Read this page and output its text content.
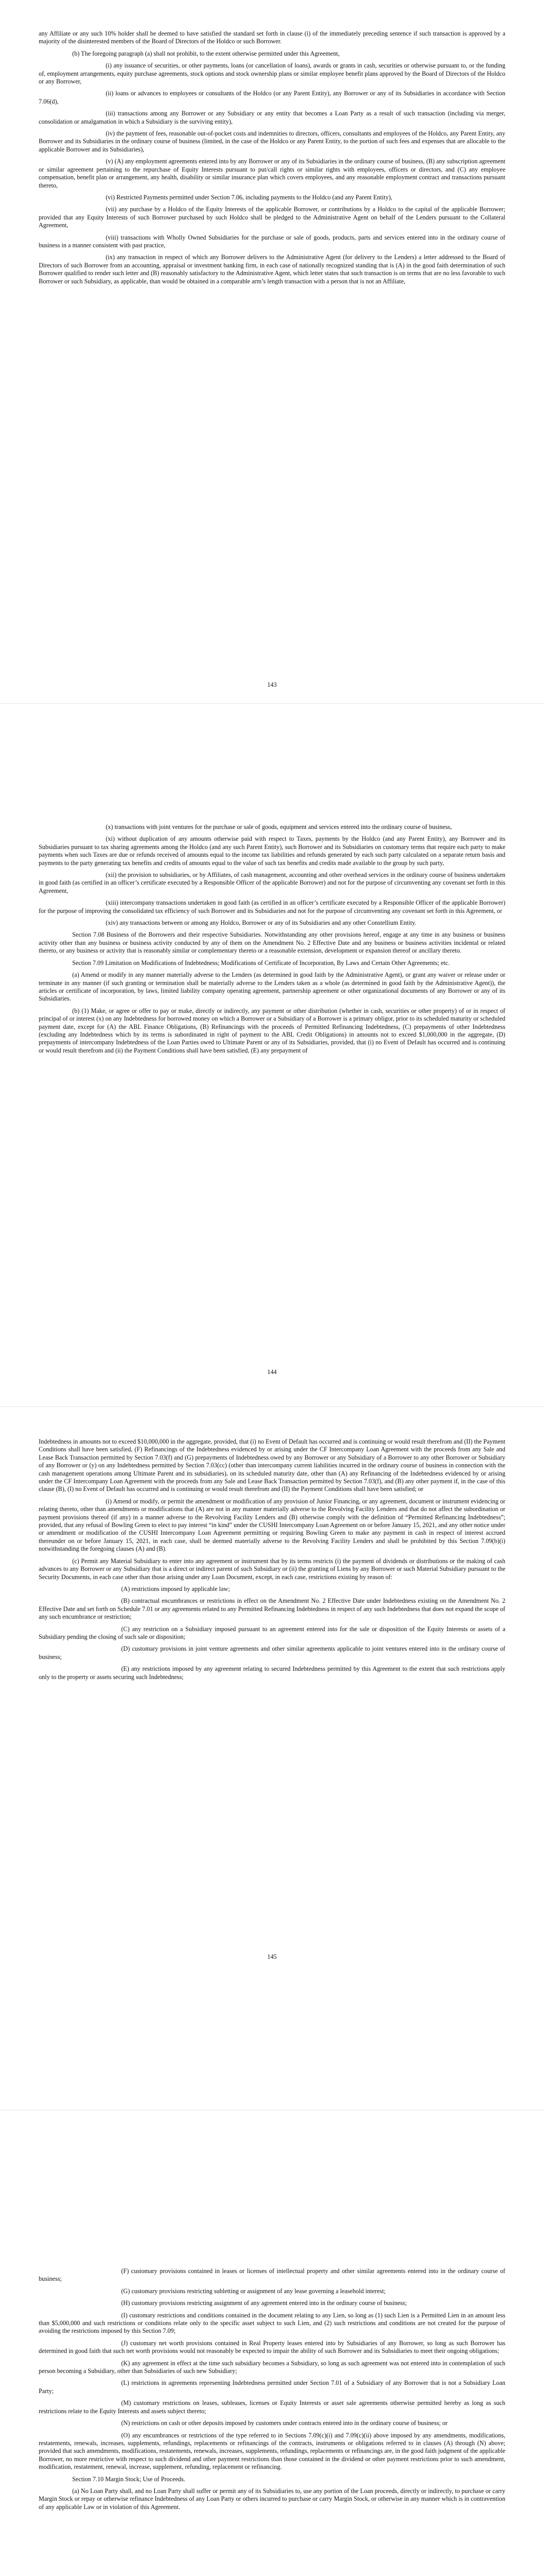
any Affiliate or any such 10% holder shall be deemed to have satisfied the standard set forth in clause (i) of the immediately preceding sentence if such transaction is approved by a majority of the disinterested members of the Board of Directors of the Holdco or such Borrower.

(b) The foregoing paragraph (a) shall not prohibit, to the extent otherwise permitted under this Agreement,

(i) any issuance of securities, or other payments, loans (or cancellation of loans), awards or grants in cash, securities or otherwise pursuant to, or the funding of, employment arrangements, equity purchase agreements, stock options and stock ownership plans or similar employee benefit plans approved by the Board of Directors of the Holdco or any Borrower,

(ii) loans or advances to employees or consultants of the Holdco (or any Parent Entity), any Borrower or any of its Subsidiaries in accordance with Section 7.06(d),

(iii) transactions among any Borrower or any Subsidiary or any entity that becomes a Loan Party as a result of such transaction (including via merger, consolidation or amalgamation in which a Subsidiary is the surviving entity),

(iv) the payment of fees, reasonable out-of-pocket costs and indemnities to directors, officers, consultants and employees of the Holdco, any Parent Entity, any Borrower and its Subsidiaries in the ordinary course of business (limited, in the case of the Holdco or any Parent Entity, to the portion of such fees and expenses that are allocable to the applicable Borrower and its Subsidiaries),

(v) (A) any employment agreements entered into by any Borrower or any of its Subsidiaries in the ordinary course of business, (B) any subscription agreement or similar agreement pertaining to the repurchase of Equity Interests pursuant to put/call rights or similar rights with employees, officers or directors, and (C) any employee compensation, benefit plan or arrangement, any health, disability or similar insurance plan which covers employees, and any reasonable employment contract and transactions pursuant thereto,

(vi) Restricted Payments permitted under Section 7.06, including payments to the Holdco (and any Parent Entity),

(vii) any purchase by a Holdco of the Equity Interests of the applicable Borrower, or contributions by a Holdco to the capital of the applicable Borrower; provided that any Equity Interests of such Borrower purchased by such Holdco shall be pledged to the Administrative Agent on behalf of the Lenders pursuant to the Collateral Agreement,

(viii) transactions with Wholly Owned Subsidiaries for the purchase or sale of goods, products, parts and services entered into in the ordinary course of business in a manner consistent with past practice,

(ix) any transaction in respect of which any Borrower delivers to the Administrative Agent (for delivery to the Lenders) a letter addressed to the Board of Directors of such Borrower from an accounting, appraisal or investment banking firm, in each case of nationally recognized standing that is (A) in the good faith determination of such Borrower qualified to render such letter and (B) reasonably satisfactory to the Administrative Agent, which letter states that such transaction is on terms that are no less favorable to such Borrower or such Subsidiary, as applicable, than would be obtained in a comparable arm’s length transaction with a person that is not an Affiliate,

143

(x) transactions with joint ventures for the purchase or sale of goods, equipment and services entered into the ordinary course of business,

(xi) without duplication of any amounts otherwise paid with respect to Taxes, payments by the Holdco (and any Parent Entity), any Borrower and its Subsidiaries pursuant to tax sharing agreements among the Holdco (and any such Parent Entity), such Borrower and its Subsidiaries on customary terms that require each party to make payments when such Taxes are due or refunds received of amounts equal to the income tax liabilities and refunds generated by each such party calculated on a separate return basis and payments to the party generating tax benefits and credits of amounts equal to the value of such tax benefits and credits made available to the group by such party,

(xii) the provision to subsidiaries, or by Affiliates, of cash management, accounting and other overhead services in the ordinary course of business undertaken in good faith (as certified in an officer’s certificate executed by a Responsible Officer of the applicable Borrower) and not for the purpose of circumventing any covenant set forth in this Agreement,

(xiii) intercompany transactions undertaken in good faith (as certified in an officer’s certificate executed by a Responsible Officer of the applicable Borrower) for the purpose of improving the consolidated tax efficiency of such Borrower and its Subsidiaries and not for the purpose of circumventing any covenant set forth in this Agreement, or

(xiv) any transactions between or among any Holdco, Borrower or any of its Subsidiaries and any other Constellium Entity.

Section 7.08 Business of the Borrowers and their respective Subsidiaries. Notwithstanding any other provisions hereof, engage at any time in any business or business activity other than any business or business activity conducted by any of them on the Amendment No. 2 Effective Date and any business or business activities incidental or related thereto, or any business or activity that is reasonably similar or complementary thereto or a reasonable extension, development or expansion thereof or ancillary thereto.

Section 7.09 Limitation on Modifications of Indebtedness; Modifications of Certificate of Incorporation, By Laws and Certain Other Agreements; etc.

(a) Amend or modify in any manner materially adverse to the Lenders (as determined in good faith by the Administrative Agent), or grant any waiver or release under or terminate in any manner (if such granting or termination shall be materially adverse to the Lenders taken as a whole (as determined in good faith by the Administrative Agent)), the articles or certificate of incorporation, by laws, limited liability company operating agreement, partnership agreement or other organizational documents of any Borrower or any of its Subsidiaries.

(b) (1) Make, or agree or offer to pay or make, directly or indirectly, any payment or other distribution (whether in cash, securities or other property) of or in respect of principal of or interest (x) on any Indebtedness for borrowed money on which a Borrower or a Subsidiary of a Borrower is a primary obligor, prior to its scheduled maturity or scheduled payment date, except for (A) the ABL Finance Obligations, (B) Refinancings with the proceeds of Permitted Refinancing Indebtedness, (C) prepayments of other Indebtedness (excluding any Indebtedness which by its terms is subordinated in right of payment to the ABL Credit Obligations) in amounts not to exceed $1,000,000 in the aggregate, (D) prepayments of intercompany Indebtedness of the Loan Parties owed to Ultimate Parent or any of its Subsidiaries, provided, that (i) no Event of Default has occurred and is continuing or would result therefrom and (ii) the Payment Conditions shall have been satisfied, (E) any prepayment of

144

Indebtedness in amounts not to exceed $10,000,000 in the aggregate, provided, that (i) no Event of Default has occurred and is continuing or would result therefrom and (II) the Payment Conditions shall have been satisfied, (F) Refinancings of the Indebtedness evidenced by or arising under the CF Intercompany Loan Agreement with the proceeds from any Sale and Lease Back Transaction permitted by Section 7.03(f) and (G) prepayments of Indebtedness owed by any Borrower or any Subsidiary of a Borrower to any other Borrower or Subsidiary of any Borrower or (y) on any Indebtedness permitted by Section 7.03(cc) (other than intercompany current liabilities incurred in the ordinary course of business in connection with the cash management operations among Ultimate Parent and its subsidiaries), on its scheduled maturity date, other than (A) any Refinancing of the Indebtedness evidenced by or arising under the CF Intercompany Loan Agreement with the proceeds from any Sale and Lease Back Transaction permitted by Section 7.03(f), and (B) any other payment if, in the case of this clause (B), (I) no Event of Default has occurred and is continuing or would result therefrom and (II) the Payment Conditions shall have been satisfied; or

(i) Amend or modify, or permit the amendment or modification of any provision of Junior Financing, or any agreement, document or instrument evidencing or relating thereto, other than amendments or modifications that (A) are not in any manner materially adverse to the Revolving Facility Lenders and that do not affect the subordination or payment provisions thereof (if any) in a manner adverse to the Revolving Facility Lenders and (B) otherwise comply with the definition of “Permitted Refinancing Indebtedness”; provided, that any refusal of Bowling Green to elect to pay interest “in kind” under the CUSHI Intercompany Loan Agreement on or before January 15, 2021, and any other notice under or amendment or modification of the CUSHI Intercompany Loan Agreement permitting or requiring Bowling Green to make any payment in cash in respect of interest accrued thereunder on or before January 15, 2021, in each case, shall be deemed materially adverse to the Revolving Facility Lenders and shall be prohibited by this Section 7.09(b)(i) notwithstanding the foregoing clauses (A) and (B).

(c) Permit any Material Subsidiary to enter into any agreement or instrument that by its terms restricts (i) the payment of dividends or distributions or the making of cash advances to any Borrower or any Subsidiary that is a direct or indirect parent of such Subsidiary or (ii) the granting of Liens by any Borrower or such Material Subsidiary pursuant to the Security Documents, in each case other than those arising under any Loan Document, except, in each case, restrictions existing by reason of:

(A) restrictions imposed by applicable law;

(B) contractual encumbrances or restrictions in effect on the Amendment No. 2 Effective Date under Indebtedness existing on the Amendment No. 2 Effective Date and set forth on Schedule 7.01 or any agreements related to any Permitted Refinancing Indebtedness in respect of any such Indebtedness that does not expand the scope of any such encumbrance or restriction;

(C) any restriction on a Subsidiary imposed pursuant to an agreement entered into for the sale or disposition of the Equity Interests or assets of a Subsidiary pending the closing of such sale or disposition;

(D) customary provisions in joint venture agreements and other similar agreements applicable to joint ventures entered into in the ordinary course of business;

(E) any restrictions imposed by any agreement relating to secured Indebtedness permitted by this Agreement to the extent that such restrictions apply only to the property or assets securing such Indebtedness;

145

(F) customary provisions contained in leases or licenses of intellectual property and other similar agreements entered into in the ordinary course of business;

(G) customary provisions restricting subletting or assignment of any lease governing a leasehold interest;

(H) customary provisions restricting assignment of any agreement entered into in the ordinary course of business;

(I) customary restrictions and conditions contained in the document relating to any Lien, so long as (1) such Lien is a Permitted Lien in an amount less than $5,000,000 and such restrictions or conditions relate only to the specific asset subject to such Lien, and (2) such restrictions and conditions are not created for the purpose of avoiding the restrictions imposed by this Section 7.09;

(J) customary net worth provisions contained in Real Property leases entered into by Subsidiaries of any Borrower, so long as such Borrower has determined in good faith that such net worth provisions would not reasonably be expected to impair the ability of such Borrower and its Subsidiaries to meet their ongoing obligations;

(K) any agreement in effect at the time such subsidiary becomes a Subsidiary, so long as such agreement was not entered into in contemplation of such person becoming a Subsidiary, other than Subsidiaries of such new Subsidiary;

(L) restrictions in agreements representing Indebtedness permitted under Section 7.01 of a Subsidiary of any Borrower that is not a Subsidiary Loan Party;

(M) customary restrictions on leases, subleases, licenses or Equity Interests or asset sale agreements otherwise permitted hereby as long as such restrictions relate to the Equity Interests and assets subject thereto;

(N) restrictions on cash or other deposits imposed by customers under contracts entered into in the ordinary course of business; or

(O) any encumbrances or restrictions of the type referred to in Sections 7.09(c)(i) and 7.09(c)(ii) above imposed by any amendments, modifications, restatements, renewals, increases, supplements, refundings, replacements or refinancings of the contracts, instruments or obligations referred to in clauses (A) through (N) above; provided that such amendments, modifications, restatements, renewals, increases, supplements, refundings, replacements or refinancings are, in the good faith judgment of the applicable Borrower, no more restrictive with respect to such dividend and other payment restrictions than those contained in the dividend or other payment restrictions prior to such amendment, modification, restatement, renewal, increase, supplement, refunding, replacement or refinancing.

Section 7.10 Margin Stock; Use of Proceeds.

(a) No Loan Party shall, and no Loan Party shall suffer or permit any of its Subsidiaries to, use any portion of the Loan proceeds, directly or indirectly, to purchase or carry Margin Stock or repay or otherwise refinance Indebtedness of any Loan Party or others incurred to purchase or carry Margin Stock, or otherwise in any manner which is in contravention of any applicable Law or in violation of this Agreement.
